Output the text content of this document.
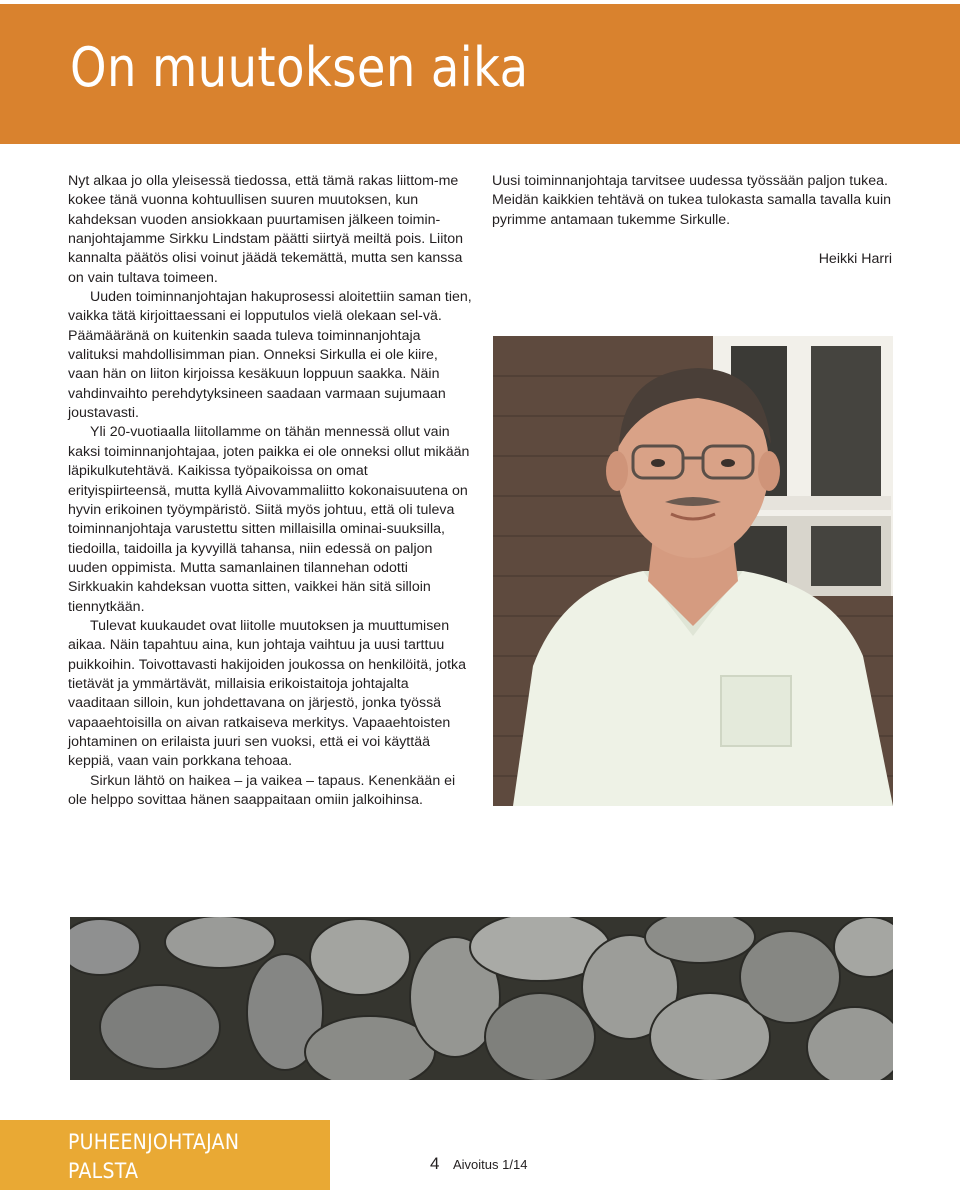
On muutoksen aika

Nyt alkaa jo olla yleisessä tiedossa, että tämä rakas liittom-me kokee tänä vuonna kohtuullisen suuren muutoksen, kun kahdeksan vuoden ansiokkaan puurtamisen jälkeen toimin-nanjohtajamme Sirkku Lindstam päätti siirtyä meiltä pois. Liiton kannalta päätös olisi voinut jäädä tekemättä, mutta sen kanssa on vain tultava toimeen.

Uuden toiminnanjohtajan hakuprosessi aloitettiin saman tien, vaikka tätä kirjoittaessani ei lopputulos vielä olekaan sel-vä. Päämääränä on kuitenkin saada tuleva toiminnanjohtaja valituksi mahdollisimman pian. Onneksi Sirkulla ei ole kiire, vaan hän on liiton kirjoissa kesäkuun loppuun saakka. Näin vahdinvaihto perehdytyksineen saadaan varmaan sujumaan joustavasti.

Yli 20-vuotiaalla liitollamme on tähän mennessä ollut vain kaksi toiminnanjohtajaa, joten paikka ei ole onneksi ollut mikään läpikulkutehtävä. Kaikissa työpaikoissa on omat erityispiirteensä, mutta kyllä Aivovammaliitto kokonaisuutena on hyvin erikoinen työympäristö. Siitä myös johtuu, että oli tuleva toiminnanjohtaja varustettu sitten millaisilla ominai-suuksilla, tiedoilla, taidoilla ja kyvyillä tahansa, niin edessä on paljon uuden oppimista. Mutta samanlainen tilannehan odotti Sirkkuakin kahdeksan vuotta sitten, vaikkei hän sitä silloin tiennytkään.

Tulevat kuukaudet ovat liitolle muutoksen ja muuttumisen aikaa. Näin tapahtuu aina, kun johtaja vaihtuu ja uusi tarttuu puikkoihin. Toivottavasti hakijoiden joukossa on henkilöitä, jotka tietävät ja ymmärtävät, millaisia erikoistaitoja johtajalta vaaditaan silloin, kun johdettavana on järjestö, jonka työssä vapaaehtoisilla on aivan ratkaiseva merkitys. Vapaaehtoisten johtaminen on erilaista juuri sen vuoksi, että ei voi käyttää keppiä, vaan vain porkkana tehoaa.

Sirkun lähtö on haikea – ja vaikea – tapaus. Kenenkään ei ole helppo sovittaa hänen saappaitaan omiin jalkoihinsa.

Uusi toiminnanjohtaja tarvitsee uudessa työssään paljon tukea. Meidän kaikkien tehtävä on tukea tulokasta samalla tavalla kuin pyrimme antamaan tukemme Sirkulle.

Heikki Harri
PUHEENJOHTAJAN
PALSTA	4 Aivoitus 1/14
